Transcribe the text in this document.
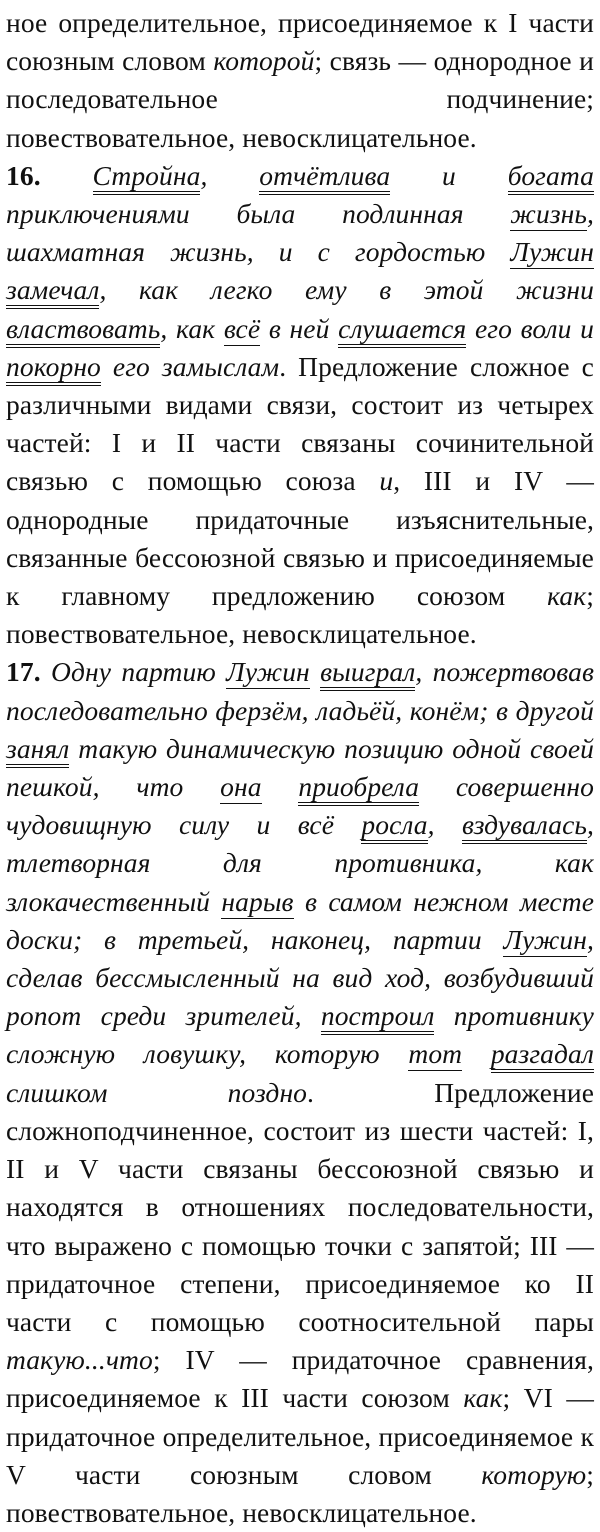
ное определительное, присоединяемое к I части союзным словом которой; связь — однородное и последовательное подчинение; повествовательное, невосклицательное.

16. Стройна, отчётлива и богата приключениями была подлинная жизнь, шахматная жизнь, и с гордостью Лужин замечал, как легко ему в этой жизни властвовать, как всё в ней слушается его воли и покорно его замыслам. Предложение сложное с различными видами связи, состоит из четырех частей: I и II части связаны сочинительной связью с помощью союза и, III и IV — однородные придаточные изъяснительные, связанные бессоюзной связью и присоединяемые к главному предложению союзом как; повествовательное, невосклицательное.

17. Одну партию Лужин выиграл, пожертвовав последовательно ферзём, ладьёй, конём; в другой занял такую динамическую позицию одной своей пешкой, что она приобрела совершенно чудовищную силу и всё росла, вздувалась, тлетворная для противника, как злокачественный нарыв в самом нежном месте доски; в третьей, наконец, партии Лужин, сделав бессмысленный на вид ход, возбудивший ропот среди зрителей, построил противнику сложную ловушку, которую тот разгадал слишком поздно. Предложение сложноподчиненное, состоит из шести частей: I, II и V части связаны бессоюзной связью и находятся в отношениях последовательности, что выражено с помощью точки с запятой; III — придаточное степени, присоединяемое ко II части с помощью соотносительной пары такую...что; IV — придаточное сравнения, присоединяемое к III части союзом как; VI — придаточное определительное, присоединяемое к V части союзным словом которую; повествовательное, невосклицательное.
